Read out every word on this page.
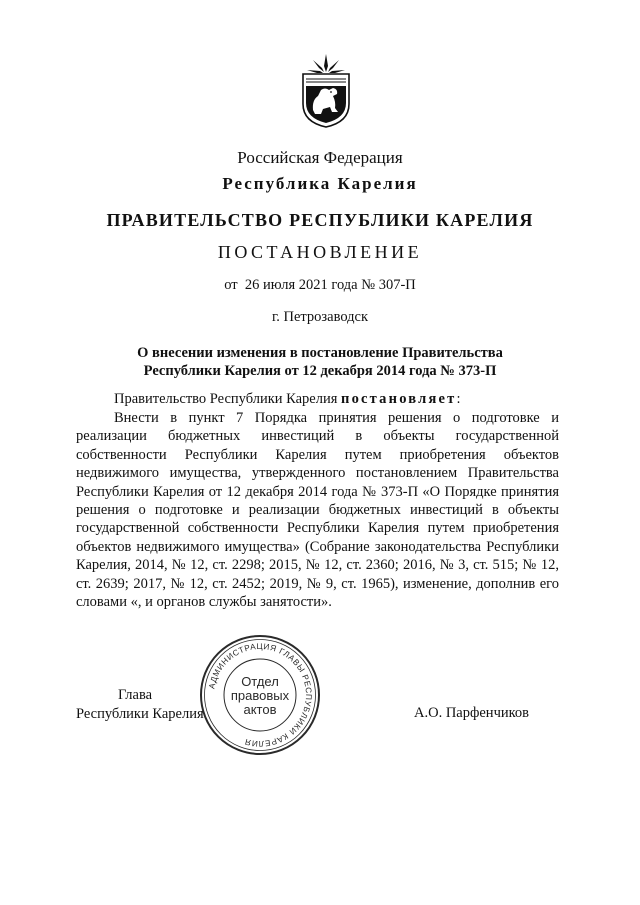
Российская Федерация
Республика Карелия
ПРАВИТЕЛЬСТВО РЕСПУБЛИКИ КАРЕЛИЯ
ПОСТАНОВЛЕНИЕ
от  26 июля 2021 года № 307-П
г. Петрозаводск
О внесении изменения в постановление Правительства
Республики Карелия от 12 декабря 2014 года № 373-П
Правительство Республики Карелия постановляет:
Внести в пункт 7 Порядка принятия решения о подготовке и реализации бюджетных инвестиций в объекты государственной собственности Республики Карелия путем приобретения объектов недвижимого имущества, утвержденного постановлением Правительства Республики Карелия от 12 декабря 2014 года № 373-П «О Порядке принятия решения о подготовке и реализации бюджетных инвестиций в объекты государственной собственности Республики Карелия путем приобретения объектов недвижимого имущества» (Собрание законодательства Республики Карелия, 2014, № 12, ст. 2298; 2015, № 12, ст. 2360; 2016, № 3, ст. 515; № 12, ст. 2639; 2017, № 12, ст. 2452; 2019, № 9, ст. 1965), изменение, дополнив его словами «, и органов службы занятости».
Глава
Республики Карелия
АДМИНИСТРАЦИЯ ГЛАВЫ РЕСПУБЛИКИ КАРЕЛИЯ
Отдел
правовых
актов	А.О. Парфенчиков
